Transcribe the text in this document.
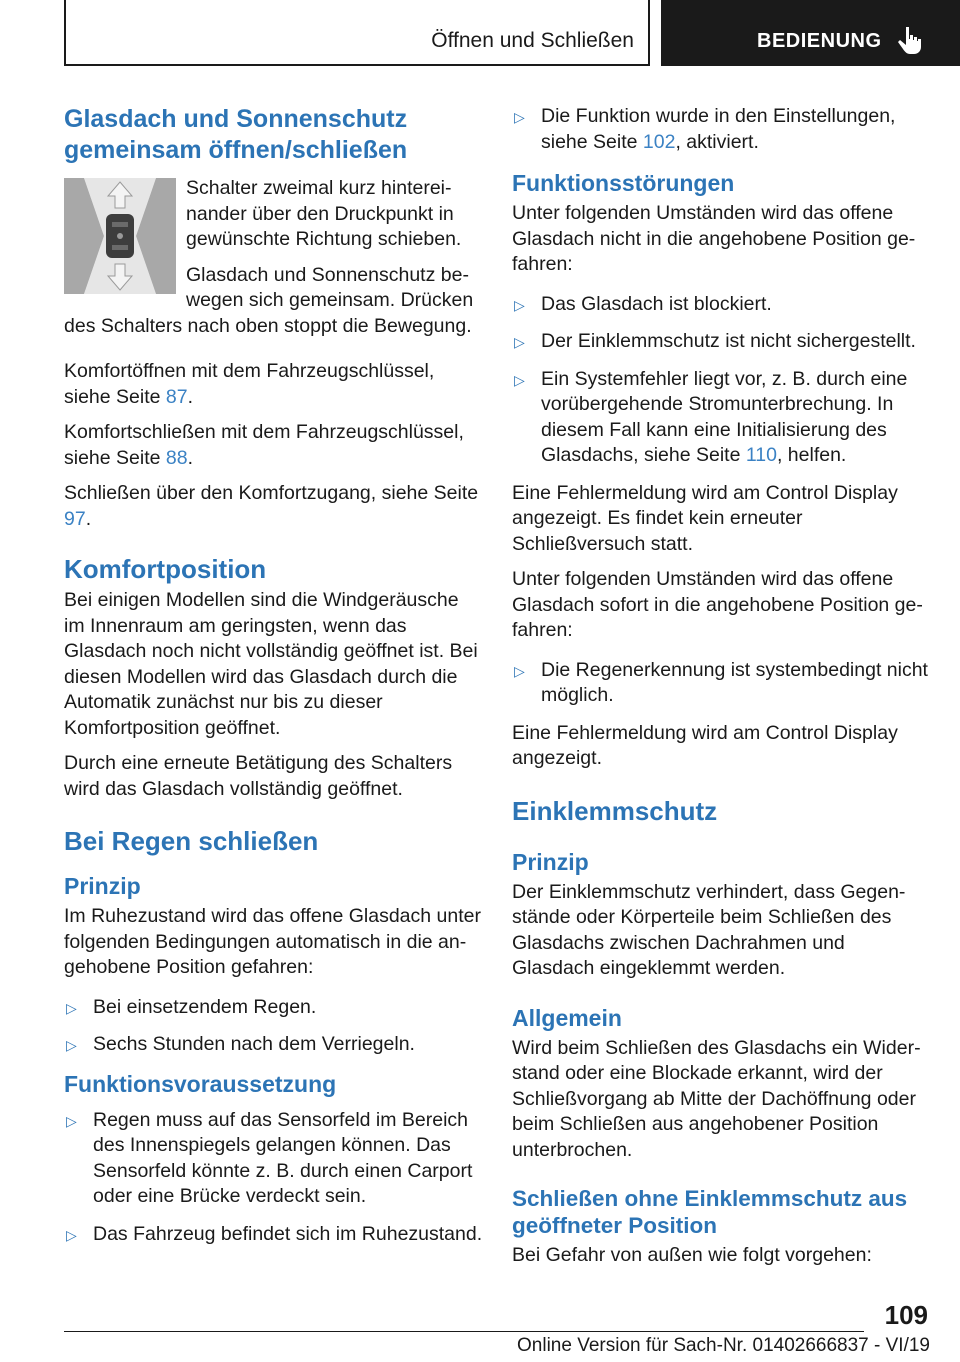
Öffnen und Schließen	BEDIENUNG
Glasdach und Sonnenschutz gemeinsam öffnen/schließen

Schalter zweimal kurz hintereinander über den Druckpunkt in gewünschte Richtung schieben.

Glasdach und Sonnenschutz bewegen sich gemeinsam. Drücken des Schalters nach oben stoppt die Bewegung.

Komfortöffnen mit dem Fahrzeugschlüssel, siehe Seite 87.

Komfortschließen mit dem Fahrzeugschlüssel, siehe Seite 88.

Schließen über den Komfortzugang, siehe Seite 97.

Komfortposition

Bei einigen Modellen sind die Windgeräusche im Innenraum am geringsten, wenn das Glasdach noch nicht vollständig geöffnet ist. Bei diesen Modellen wird das Glasdach durch die Automatik zunächst nur bis zu dieser Komfortposition geöffnet.

Durch eine erneute Betätigung des Schalters wird das Glasdach vollständig geöffnet.

Bei Regen schließen
Prinzip

Im Ruhezustand wird das offene Glasdach unter folgenden Bedingungen automatisch in die angehobene Position gefahren:

▷ Bei einsetzendem Regen.
▷ Sechs Stunden nach dem Verriegeln.
Funktionsvoraussetzung
▷ Regen muss auf das Sensorfeld im Bereich des Innenspiegels gelangen können. Das Sensorfeld könnte z. B. durch einen Carport oder eine Brücke verdeckt sein.
▷ Das Fahrzeug befindet sich im Ruhezustand.
▷ Die Funktion wurde in den Einstellungen, siehe Seite 102, aktiviert.
Funktionsstörungen

Unter folgenden Umständen wird das offene Glasdach nicht in die angehobene Position gefahren:

▷ Das Glasdach ist blockiert.
▷ Der Einklemmschutz ist nicht sichergestellt.
▷ Ein Systemfehler liegt vor, z. B. durch eine vorübergehende Stromunterbrechung. In diesem Fall kann eine Initialisierung des Glasdachs, siehe Seite 110, helfen.

Eine Fehlermeldung wird am Control Display angezeigt. Es findet kein erneuter Schließversuch statt.

Unter folgenden Umständen wird das offene Glasdach sofort in die angehobene Position gefahren:

▷ Die Regenerkennung ist systembedingt nicht möglich.

Eine Fehlermeldung wird am Control Display angezeigt.

Einklemmschutz
Prinzip

Der Einklemmschutz verhindert, dass Gegenstände oder Körperteile beim Schließen des Glasdachs zwischen Dachrahmen und Glasdach eingeklemmt werden.

Allgemein

Wird beim Schließen des Glasdachs ein Widerstand oder eine Blockade erkannt, wird der Schließvorgang ab Mitte der Dachöffnung oder beim Schließen aus angehobener Position unterbrochen.

Schließen ohne Einklemmschutz aus geöffneter Position

Bei Gefahr von außen wie folgt vorgehen:

109
Online Version für Sach-Nr. 01402666837 - VI/19
